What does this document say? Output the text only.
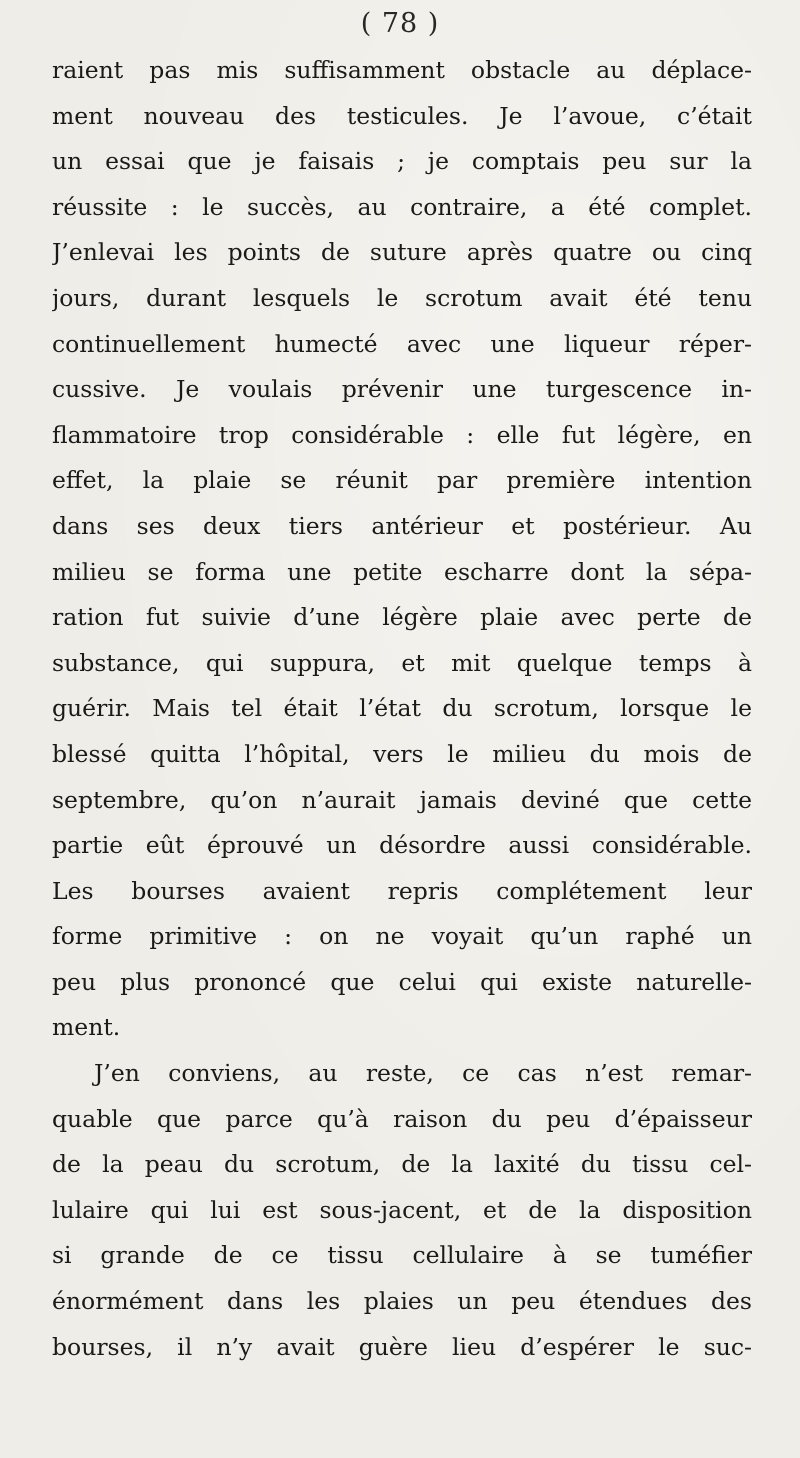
( 78 )
raient pas mis suffisamment obstacle au déplace-
ment nouveau des testicules. Je l’avoue, c’était
un essai que je faisais ; je comptais peu sur la
réussite : le succès, au contraire, a été complet.
J’enlevai les points de suture après quatre ou cinq
jours, durant lesquels le scrotum avait été tenu
continuellement humecté avec une liqueur réper-
cussive. Je voulais prévenir une turgescence in-
flammatoire trop considérable : elle fut légère, en
effet, la plaie se réunit par première intention
dans ses deux tiers antérieur et postérieur. Au
milieu se forma une petite escharre dont la sépa-
ration fut suivie d’une légère plaie avec perte de
substance, qui suppura, et mit quelque temps à
guérir. Mais tel était l’état du scrotum, lorsque le
blessé quitta l’hôpital, vers le milieu du mois de
septembre, qu’on n’aurait jamais deviné que cette
partie eût éprouvé un désordre aussi considérable.
Les bourses avaient repris complétement leur
forme primitive : on ne voyait qu’un raphé un
peu plus prononcé que celui qui existe naturelle-
ment.
J’en conviens, au reste, ce cas n’est remar-
quable que parce qu’à raison du peu d’épaisseur
de la peau du scrotum, de la laxité du tissu cel-
lulaire qui lui est sous-jacent, et de la disposition
si grande de ce tissu cellulaire à se tuméfier
énormément dans les plaies un peu étendues des
bourses, il n’y avait guère lieu d’espérer le suc-
